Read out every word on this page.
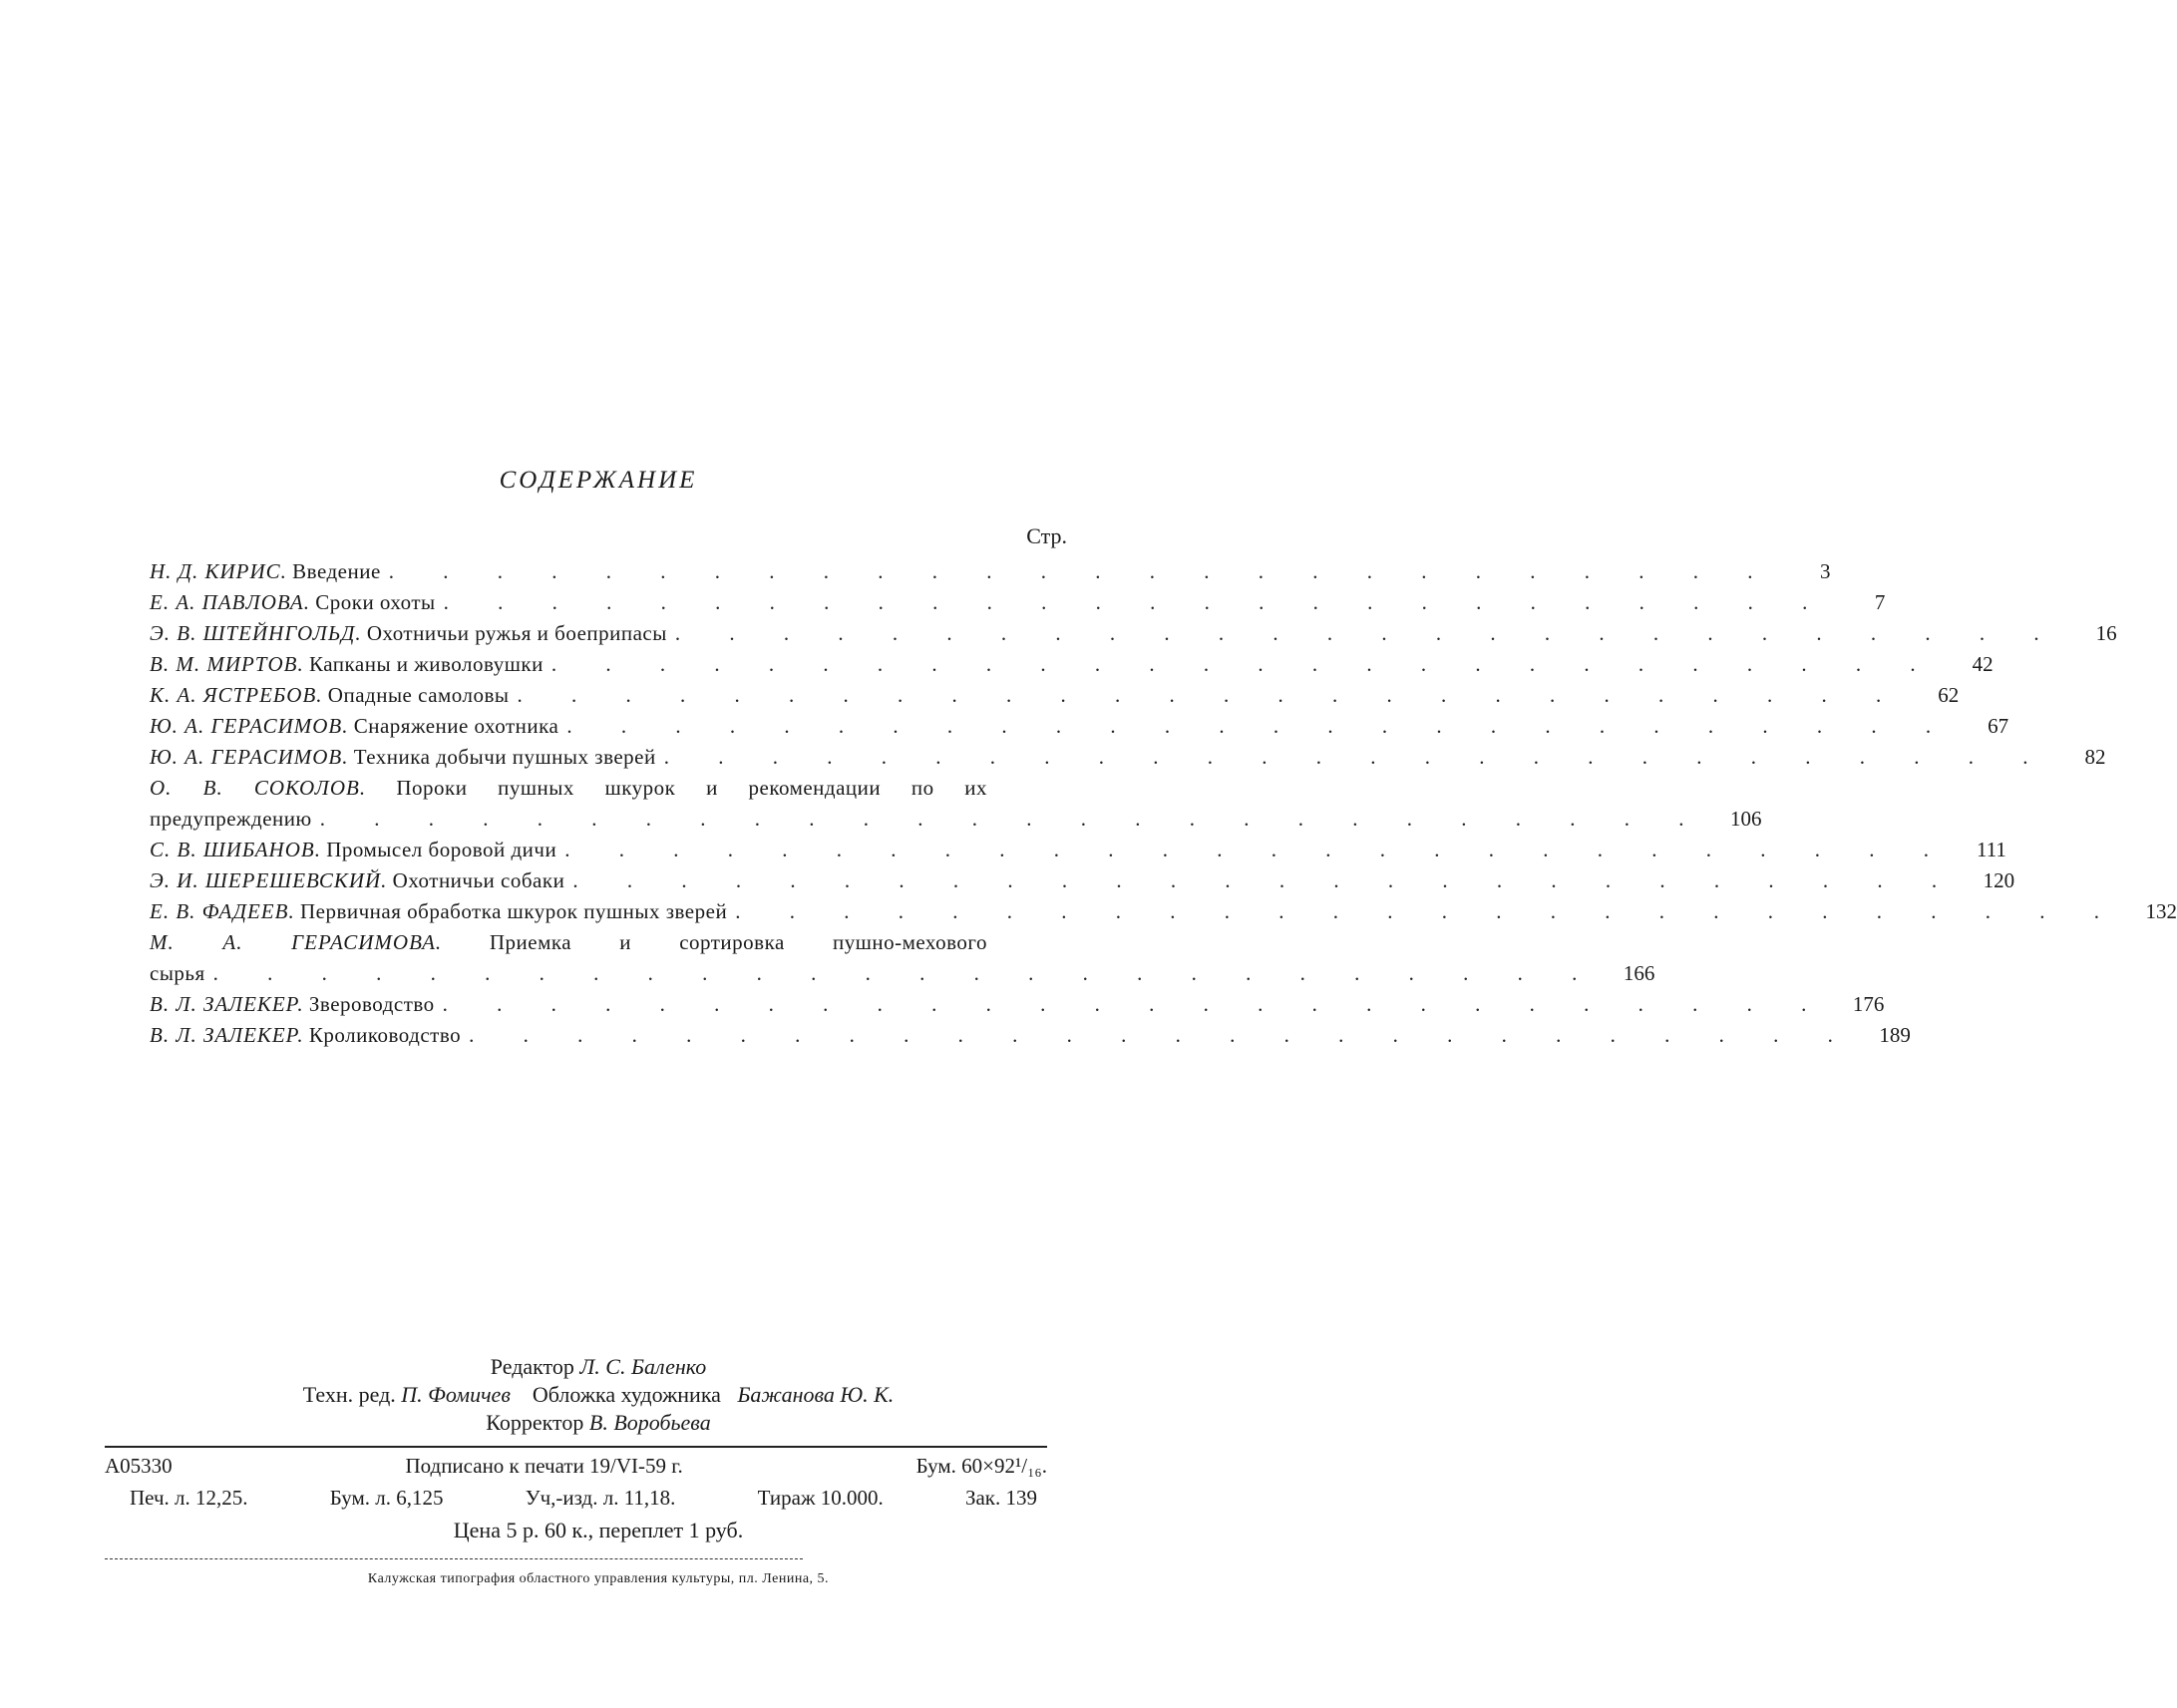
СОДЕРЖАНИЕ
Стр.
Н. Д. КИРИС. Введение . . . . . . . . . . . . . . . . . . . . . . . . . .	3
Е. А. ПАВЛОВА. Сроки охоты . . . . . . . . . . . . . . . . . . . . . . . . . .	7
Э. В. ШТЕЙНГОЛЬД. Охотничьи ружья и боеприпасы . . . . . . . . . . . . . . . . . . . . . . . . . .	16
В. М. МИРТОВ. Капканы и живоловушки . . . . . . . . . . . . . . . . . . . . . . . . . .	42
К. А. ЯСТРЕБОВ. Опадные самоловы . . . . . . . . . . . . . . . . . . . . . . . . . .	62
Ю. А. ГЕРАСИМОВ. Снаряжение охотника . . . . . . . . . . . . . . . . . . . . . . . . . .	67
Ю. А. ГЕРАСИМОВ. Техника добычи пушных зверей . . . . . . . . . . . . . . . . . . . . . . . . . .	82
О. В. СОКОЛОВ. Пороки пушных шкурок и рекомендации по их
предупреждению . . . . . . . . . . . . . . . . . . . . . . . . . .	106
С. В. ШИБАНОВ. Промысел боровой дичи . . . . . . . . . . . . . . . . . . . . . . . . . .	111
Э. И. ШЕРЕШЕВСКИЙ. Охотничьи собаки . . . . . . . . . . . . . . . . . . . . . . . . . .	120
Е. В. ФАДЕЕВ. Первичная обработка шкурок пушных зверей . . . . . . . . . . . . . . . . . . . . . . . . . .	132
М. А. ГЕРАСИМОВА. Приемка и сортировка пушно-мехового
сырья . . . . . . . . . . . . . . . . . . . . . . . . . .	166
В. Л. ЗАЛЕКЕР. Звероводство . . . . . . . . . . . . . . . . . . . . . . . . . .	176
В. Л. ЗАЛЕКЕР. Кролиководство . . . . . . . . . . . . . . . . . . . . . . . . . .	189
Редактор Л. С. Баленко
Техн. ред. П. Фомичев Обложка художника Бажанова Ю. К.
Корректор В. Воробьева
А05330	Подписано к печати 19/VI-59 г.	Бум. 60×92¹/₁₆.
Печ. л. 12,25.	Бум. л. 6,125	Уч,-изд. л. 11,18.	Тираж 10.000.	Зак. 139
Цена 5 р. 60 к., переплет 1 руб.
Калужская типография областного управления культуры, пл. Ленина, 5.
